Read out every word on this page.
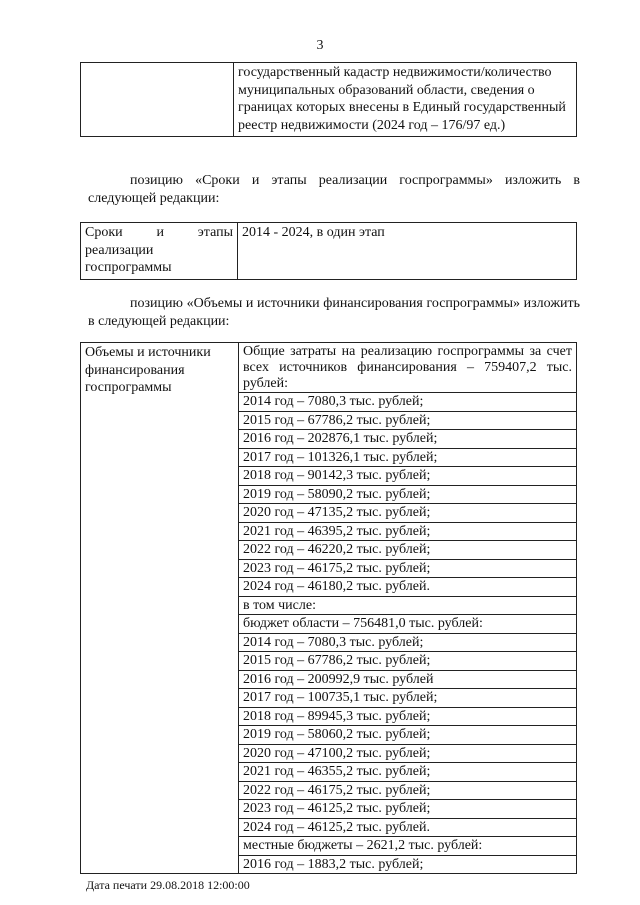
3
	государственный кадастр недвижимости/количество муниципальных образований области, сведения о границах которых внесены в Единый государственный реестр недвижимости (2024 год – 176/97 ед.)
позицию «Сроки и этапы реализации госпрограммы» изложить в следующей редакции:
Сроки и этапы реализации госпрограммы	2014 - 2024, в один этап
позицию «Объемы и источники финансирования госпрограммы» изложить в следующей редакции:
Объемы и источники финансирования госпрограммы	
Общие затраты на реализацию госпрограммы за счет всех источников финансирования – 759407,2 тыс. рублей:
2014 год – 7080,3 тыс. рублей;
2015 год – 67786,2 тыс. рублей;
2016 год – 202876,1 тыс. рублей;
2017 год – 101326,1 тыс. рублей;
2018 год – 90142,3 тыс. рублей;
2019 год – 58090,2 тыс. рублей;
2020 год – 47135,2 тыс. рублей;
2021 год – 46395,2 тыс. рублей;
2022 год – 46220,2 тыс. рублей;
2023 год – 46175,2 тыс. рублей;
2024 год – 46180,2 тыс. рублей.
в том числе:
бюджет области – 756481,0 тыс. рублей:
2014 год – 7080,3 тыс. рублей;
2015 год – 67786,2 тыс. рублей;
2016 год – 200992,9 тыс. рублей
2017 год – 100735,1 тыс. рублей;
2018 год – 89945,3 тыс. рублей;
2019 год – 58060,2 тыс. рублей;
2020 год – 47100,2 тыс. рублей;
2021 год – 46355,2 тыс. рублей;
2022 год – 46175,2 тыс. рублей;
2023 год – 46125,2 тыс. рублей;
2024 год – 46125,2 тыс. рублей.
местные бюджеты – 2621,2 тыс. рублей:
2016 год – 1883,2 тыс. рублей;
Дата печати 29.08.2018 12:00:00
